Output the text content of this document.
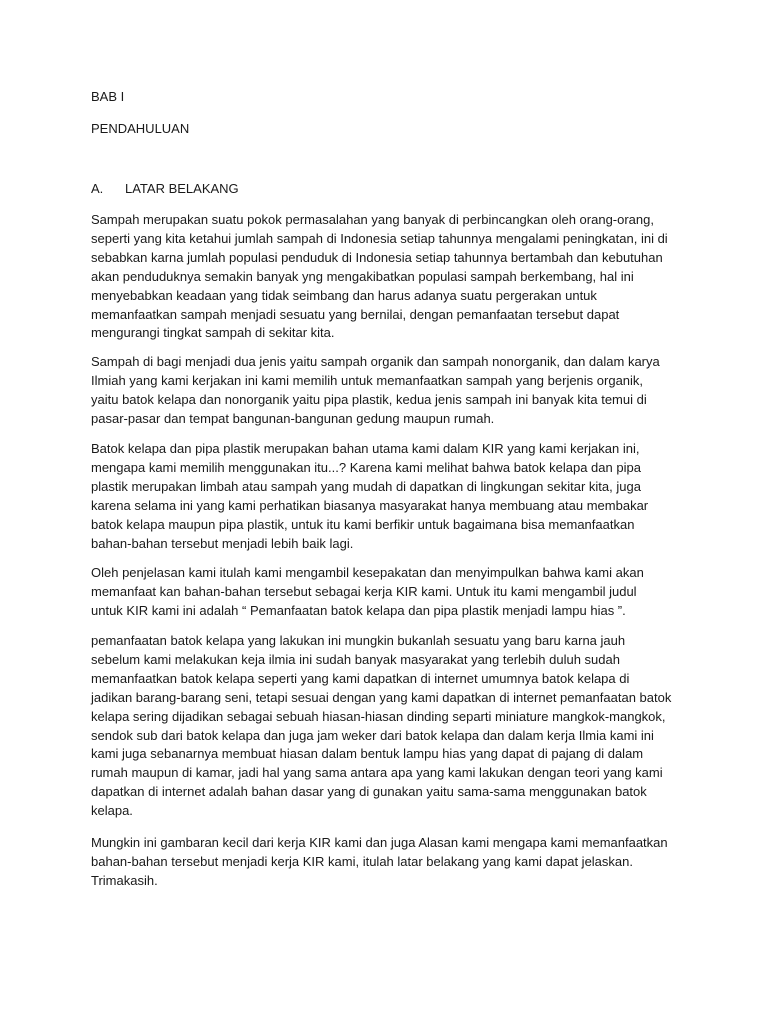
BAB I
PENDAHULUAN
A. LATAR BELAKANG

Sampah merupakan suatu pokok permasalahan yang banyak di perbincangkan oleh orang-orang,
seperti yang kita ketahui jumlah sampah di Indonesia setiap tahunnya mengalami peningkatan, ini di
sebabkan karna jumlah populasi penduduk di Indonesia setiap tahunnya bertambah dan kebutuhan
akan penduduknya semakin banyak yng mengakibatkan populasi sampah berkembang, hal ini
menyebabkan keadaan yang tidak seimbang dan harus adanya suatu pergerakan untuk
memanfaatkan sampah menjadi sesuatu yang bernilai, dengan pemanfaatan tersebut dapat
mengurangi tingkat sampah di sekitar kita.

Sampah di bagi menjadi dua jenis yaitu sampah organik dan sampah nonorganik, dan dalam karya
Ilmiah yang kami kerjakan ini kami memilih untuk memanfaatkan sampah yang berjenis organik,
yaitu batok kelapa dan nonorganik yaitu pipa plastik, kedua jenis sampah ini banyak kita temui di
pasar-pasar dan tempat bangunan-bangunan gedung maupun rumah.

Batok kelapa dan pipa plastik merupakan bahan utama kami dalam KIR yang kami kerjakan ini,
mengapa kami memilih menggunakan itu...? Karena kami melihat bahwa batok kelapa dan pipa
plastik merupakan limbah atau sampah yang mudah di dapatkan di lingkungan sekitar kita, juga
karena selama ini yang kami perhatikan biasanya masyarakat hanya membuang atau membakar
batok kelapa maupun pipa plastik, untuk itu kami berfikir untuk bagaimana bisa memanfaatkan
bahan-bahan tersebut menjadi lebih baik lagi.

Oleh penjelasan kami itulah kami mengambil kesepakatan dan menyimpulkan bahwa kami akan
memanfaat kan bahan-bahan tersebut sebagai kerja KIR kami. Untuk itu kami mengambil judul
untuk KIR kami ini adalah “ Pemanfaatan batok kelapa dan pipa plastik menjadi lampu hias ”.

pemanfaatan batok kelapa yang lakukan ini mungkin bukanlah sesuatu yang baru karna jauh
sebelum kami melakukan keja ilmia ini sudah banyak masyarakat yang terlebih duluh sudah
memanfaatkan batok kelapa seperti yang kami dapatkan di internet umumnya batok kelapa di
jadikan barang-barang seni, tetapi sesuai dengan yang kami dapatkan di internet pemanfaatan batok
kelapa sering dijadikan sebagai sebuah hiasan-hiasan dinding separti miniature mangkok-mangkok,
sendok sub dari batok kelapa dan juga jam weker dari batok kelapa dan dalam kerja Ilmia kami ini
kami juga sebanarnya membuat hiasan dalam bentuk lampu hias yang dapat di pajang di dalam
rumah maupun di kamar, jadi hal yang sama antara apa yang kami lakukan dengan teori yang kami
dapatkan di internet adalah bahan dasar yang di gunakan yaitu sama-sama menggunakan batok
kelapa.

Mungkin ini gambaran kecil dari kerja KIR kami dan juga Alasan kami mengapa kami memanfaatkan
bahan-bahan tersebut menjadi kerja KIR kami, itulah latar belakang yang kami dapat jelaskan.
Trimakasih.
